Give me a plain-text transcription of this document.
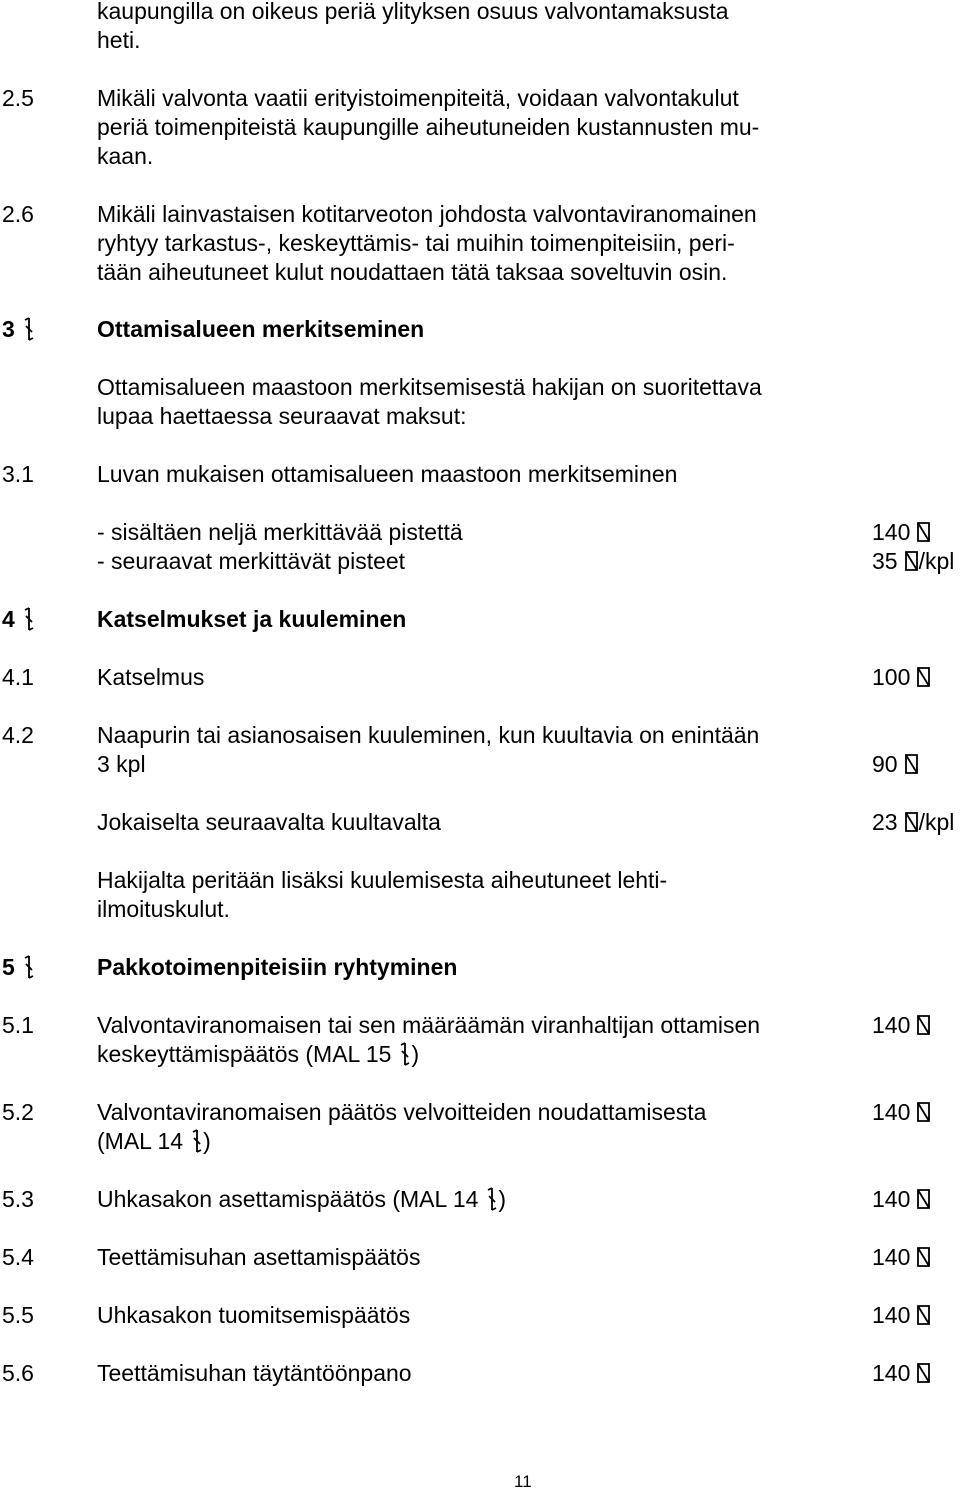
kaupungilla on oikeus periä ylityksen osuus valvontamaksusta
heti.
2.5	Mikäli valvonta vaatii erityistoimenpiteitä, voidaan valvontakulut
periä toimenpiteistä kaupungille aiheutuneiden kustannusten mu-
kaan.
2.6	Mikäli lainvastaisen kotitarveoton johdosta valvontaviranomainen
ryhtyy tarkastus-, keskeyttämis- tai muihin toimenpiteisiin, peri-
tään aiheutuneet kulut noudattaen tätä taksaa soveltuvin osin.
3	Ottamisalueen merkitseminen
Ottamisalueen maastoon merkitsemisestä hakijan on suoritettava
lupaa haettaessa seuraavat maksut:
3.1	Luvan mukaisen ottamisalueen maastoon merkitseminen
- sisältäen neljä merkittävää pistettä	140
- seuraavat merkittävät pisteet	35 /kpl
4	Katselmukset ja kuuleminen
4.1	Katselmus	100
4.2	Naapurin tai asianosaisen kuuleminen, kun kuultavia on enintään
3 kpl	90
Jokaiselta seuraavalta kuultavalta	23 /kpl
Hakijalta peritään lisäksi kuulemisesta aiheutuneet lehti-
ilmoituskulut.
5	Pakkotoimenpiteisiin ryhtyminen
5.1	Valvontaviranomaisen tai sen määräämän viranhaltijan ottamisen	140
keskeyttämispäätös (MAL 15 )
5.2	Valvontaviranomaisen päätös velvoitteiden noudattamisesta	140
(MAL 14 )
5.3	Uhkasakon asettamispäätös (MAL 14 )	140
5.4	Teettämisuhan asettamispäätös	140
5.5	Uhkasakon tuomitsemispäätös	140
5.6	Teettämisuhan täytäntöönpano	140
11
